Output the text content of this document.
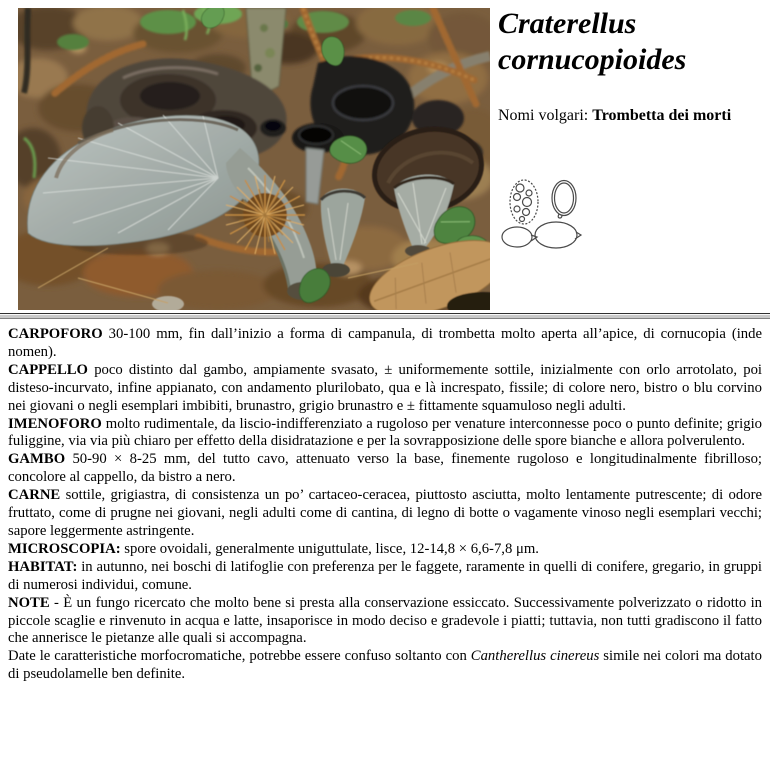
Craterellus
cornucopioides
Nomi volgari: Trombetta dei morti

CARPOFORO 30-100 mm, fin dall’inizio a forma di campanula, di trombetta molto aperta all’apice, di cornucopia (inde nomen).

CAPPELLO poco distinto dal gambo, ampiamente svasato, ± uniformemente sottile, inizialmente con orlo arrotolato, poi disteso-incurvato, infine appianato, con andamento plurilobato, qua e là increspato, fissile; di colore nero, bistro o blu corvino nei giovani o negli esemplari imbibiti, brunastro, grigio brunastro e ± fittamente squamuloso negli adulti.

IMENOFORO molto rudimentale, da liscio-indifferenziato a rugoloso per venature interconnesse poco o punto definite; grigio fuliggine, via via più chiaro per effetto della disidratazione e per la sovrapposizione delle spore bianche e allora polverulento.

GAMBO 50-90 × 8-25 mm, del tutto cavo, attenuato verso la base, finemente rugoloso e longitudinalmente fibrilloso; concolore al cappello, da bistro a nero.

CARNE sottile, grigiastra, di consistenza un po’ cartaceo-ceracea, piuttosto asciutta, molto lentamente putrescente; di odore fruttato, come di prugne nei giovani, negli adulti come di cantina, di legno di botte o vagamente vinoso negli esemplari vecchi; sapore leggermente astringente.

MICROSCOPIA: spore ovoidali, generalmente uniguttulate, lisce, 12-14,8 × 6,6-7,8 μm.

HABITAT: in autunno, nei boschi di latifoglie con preferenza per le faggete, raramente in quelli di conifere, gregario, in gruppi di numerosi individui, comune.

NOTE - È un fungo ricercato che molto bene si presta alla conservazione essiccato. Successivamente polverizzato o ridotto in piccole scaglie e rinvenuto in acqua e latte, insaporisce in modo deciso e gradevole i piatti; tuttavia, non tutti gradiscono il fatto che annerisce le pietanze alle quali si accompagna.

Date le caratteristiche morfocromatiche, potrebbe essere confuso soltanto con Cantherellus cinereus simile nei colori ma dotato di pseudolamelle ben definite.
